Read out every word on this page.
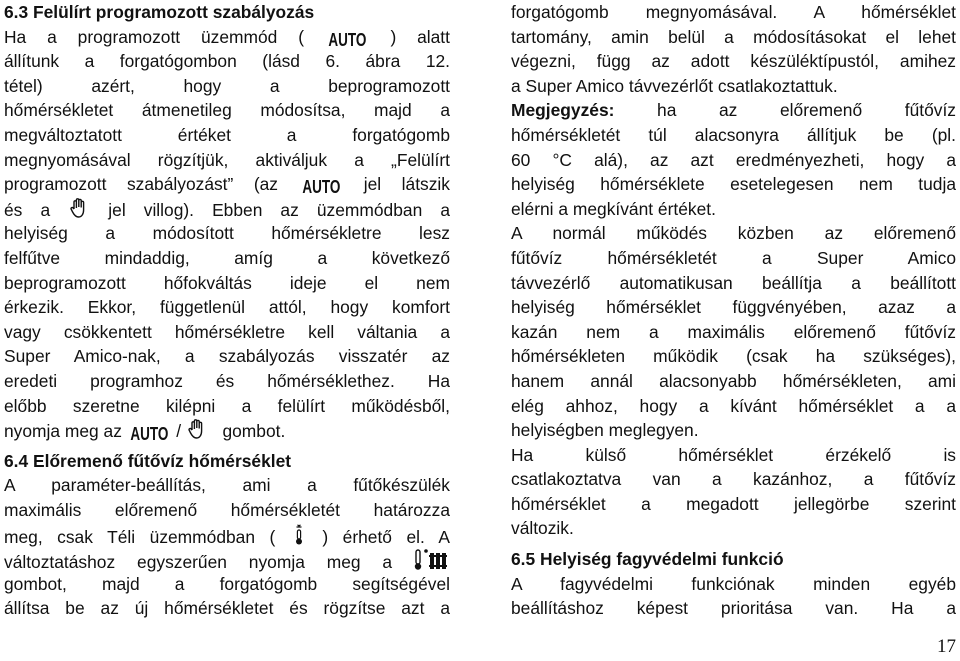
6.3 Felülírt programozott szabályozás
Ha a programozott üzemmód ( AUTO ) alatt
állítunk a forgatógombon (lásd 6. ábra 12.
tétel) azért, hogy a beprogramozott
hőmérsékletet átmenetileg módosítsa, majd a
megváltoztatott értéket a forgatógomb
megnyomásával rögzítjük, aktiváljuk a „Felülírt
programozott szabályozást” (az AUTO jel látszik
és a	jel villog). Ebben az üzemmódban a
helyiség a módosított hőmérsékletre lesz
felfűtve mindaddig, amíg a következő
beprogramozott hőfokváltás ideje el nem
érkezik. Ekkor, függetlenül attól, hogy komfort
vagy csökkentett hőmérsékletre kell váltania a
Super Amico-nak, a szabályozás visszatér az
eredeti programhoz és hőmérséklethez. Ha
előbb szeretne kilépni a felülírt működésből,
nyomja meg az AUTO / gombot.
6.4 Előremenő fűtővíz hőmérséklet
A paraméter-beállítás, ami a fűtőkészülék
maximális előremenő hőmérsékletét határozza
meg, csak Téli üzemmódban (	) érhető el. A
változtatáshoz egyszerűen nyomja meg a
gombot, majd a forgatógomb segítségével
állítsa be az új hőmérsékletet és rögzítse azt a
forgatógomb megnyomásával. A hőmérséklet
tartomány, amin belül a módosításokat el lehet
végezni, függ az adott készüléktípustól, amihez
a Super Amico távvezérlőt csatlakoztattuk.
Megjegyzés: ha az előremenő fűtővíz
hőmérsékletét túl alacsonyra állítjuk be (pl.
60 °C alá), az azt eredményezheti, hogy a
helyiség hőmérséklete esetelegesen nem tudja
elérni a megkívánt értéket.
A normál működés közben az előremenő
fűtővíz hőmérsékletét a Super Amico
távvezérlő automatikusan beállítja a beállított
helyiség hőmérséklet függvényében, azaz a
kazán nem a maximális előremenő fűtővíz
hőmérsékleten működik (csak ha szükséges),
hanem annál alacsonyabb hőmérsékleten, ami
elég ahhoz, hogy a kívánt hőmérséklet a a
helyiségben meglegyen.
Ha külső hőmérséklet érzékelő is
csatlakoztatva van a kazánhoz, a fűtővíz
hőmérséklet a megadott jellegörbe szerint
változik.
6.5 Helyiség fagyvédelmi funkció
A fagyvédelmi funkciónak minden egyéb
beállításhoz képest prioritása van. Ha a
17
